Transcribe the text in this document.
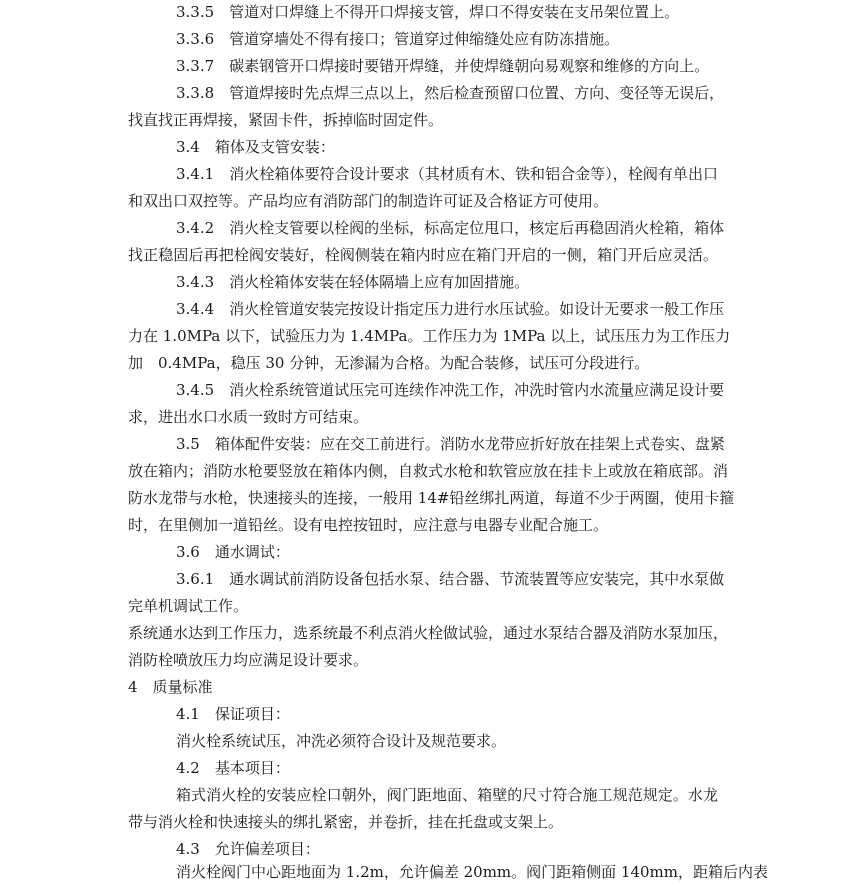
3.3.5　管道对口焊缝上不得开口焊接支管，焊口不得安装在支吊架位置上。
3.3.6　管道穿墙处不得有接口；管道穿过伸缩缝处应有防冻措施。
3.3.7　碳素钢管开口焊接时要错开焊缝，并使焊缝朝向易观察和维修的方向上。
3.3.8　管道焊接时先点焊三点以上，然后检查预留口位置、方向、变径等无误后，
找直找正再焊接，紧固卡件，拆掉临时固定件。
3.4　箱体及支管安装：
3.4.1　消火栓箱体要符合设计要求（其材质有木、铁和铝合金等），栓阀有单出口
和双出口双控等。产品均应有消防部门的制造许可证及合格证方可使用。
3.4.2　消火栓支管要以栓阀的坐标，标高定位甩口，核定后再稳固消火栓箱，箱体
找正稳固后再把栓阀安装好，栓阀侧装在箱内时应在箱门开启的一侧，箱门开后应灵活。
3.4.3　消火栓箱体安装在轻体隔墙上应有加固措施。
3.4.4　消火栓管道安装完按设计指定压力进行水压试验。如设计无要求一般工作压
力在 1.0MPa 以下，试验压力为 1.4MPa。工作压力为 1MPa 以上，试压压力为工作压力
加　0.4MPa，稳压 30 分钟，无渗漏为合格。为配合装修，试压可分段进行。
3.4.5　消火栓系统管道试压完可连续作冲洗工作，冲洗时管内水流量应满足设计要
求，进出水口水质一致时方可结束。
3.5　箱体配件安装：应在交工前进行。消防水龙带应折好放在挂架上式卷实、盘紧
放在箱内；消防水枪要竖放在箱体内侧，自救式水枪和软管应放在挂卡上或放在箱底部。消
防水龙带与水枪，快速接头的连接，一般用 14#铅丝绑扎两道，每道不少于两圈，使用卡箍
时，在里侧加一道铅丝。设有电控按钮时，应注意与电器专业配合施工。
3.6　通水调试：
3.6.1　通水调试前消防设备包括水泵、结合器、节流装置等应安装完，其中水泵做
完单机调试工作。
系统通水达到工作压力，选系统最不利点消火栓做试验，通过水泵结合器及消防水泵加压，
消防栓喷放压力均应满足设计要求。
4　质量标准
4.1　保证项目：
消火栓系统试压，冲洗必须符合设计及规范要求。
4.2　基本项目：
箱式消火栓的安装应栓口朝外，阀门距地面、箱壁的尺寸符合施工规范规定。水龙
带与消火栓和快速接头的绑扎紧密，并卷折，挂在托盘或支架上。
4.3　允许偏差项目：
消火栓阀门中心距地面为 1.2m，允许偏差 20mm。阀门距箱侧面 140mm，距箱后内表
